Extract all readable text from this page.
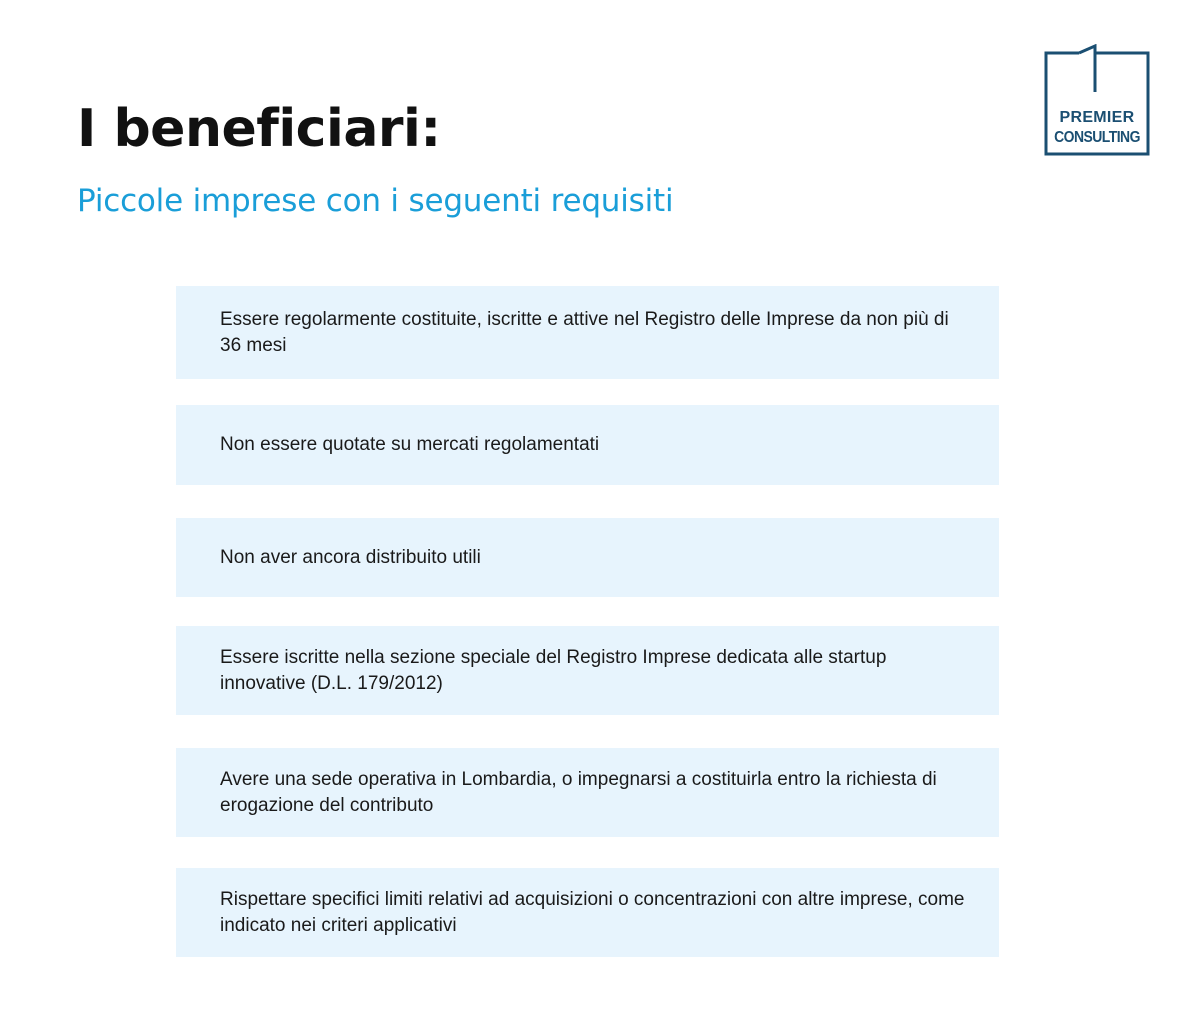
I beneficiari:
Piccole imprese con i seguenti requisiti
PREMIER
CONSULTING
Essere regolarmente costituite, iscritte e attive nel Registro delle Imprese da non più di 36 mesi
Non essere quotate su mercati regolamentati
Non aver ancora distribuito utili
Essere iscritte nella sezione speciale del Registro Imprese dedicata alle startup innovative (D.L. 179/2012)
Avere una sede operativa in Lombardia, o impegnarsi a costituirla entro la richiesta di erogazione del contributo
Rispettare specifici limiti relativi ad acquisizioni o concentrazioni con altre imprese, come indicato nei criteri applicativi
